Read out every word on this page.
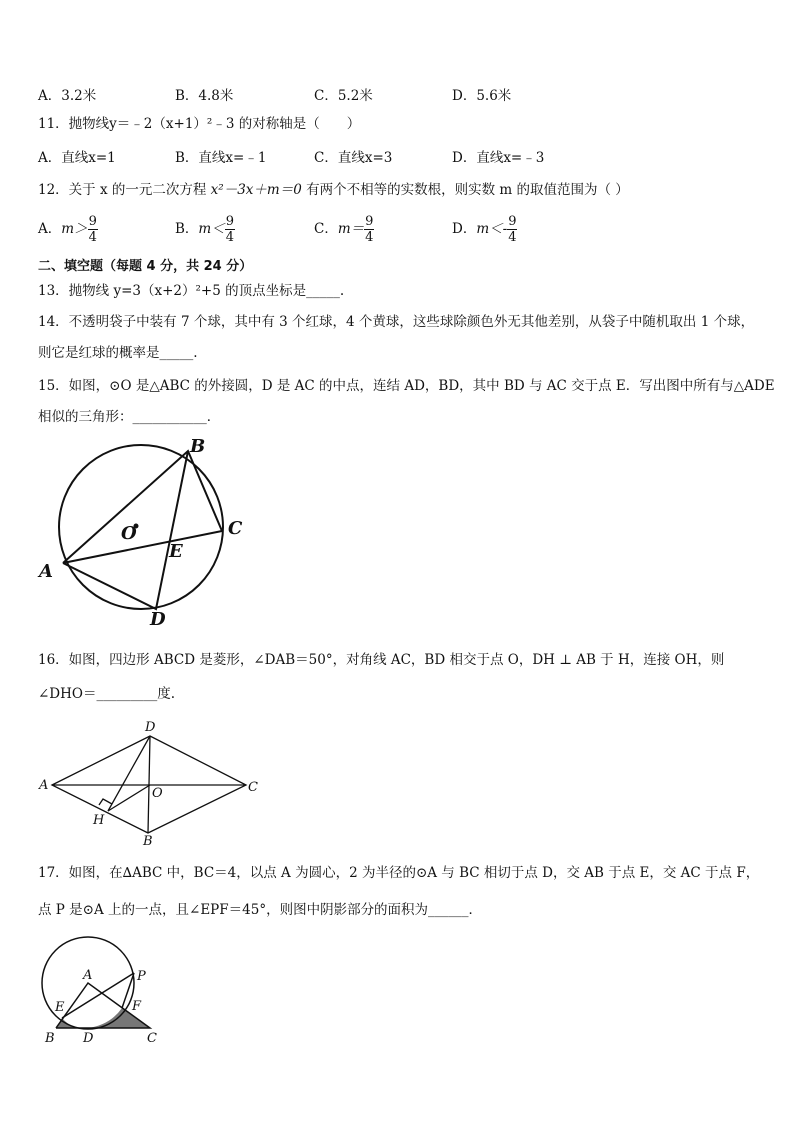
A．3.2米	B．4.8米	C．5.2米	D．5.6米
11．抛物线y＝﹣2（x+1）²﹣3 的对称轴是（　　）
A．直线x=1	B．直线x=﹣1	C．直线x=3	D．直线x=﹣3
12．关于 x 的一元二次方程 x²－3x＋m＝0 有两个不相等的实数根，则实数 m 的取值范围为（ ）
A．$m> \frac{9}{4}$	B．$m< \frac{9}{4}$	C．$m= \frac{9}{4}$	D．$m<- \frac{9}{4}$
二、填空题（每题 4 分，共 24 分）
13．抛物线 y=3（x+2）²+5 的顶点坐标是_____.
14．不透明袋子中装有 7 个球，其中有 3 个红球，4 个黄球，这些球除颜色外无其他差别，从袋子中随机取出 1 个球，
则它是红球的概率是_____.
15．如图，⊙O 是△ABC 的外接圆，D 是 AC 的中点，连结 AD，BD，其中 BD 与 AC 交于点 E．写出图中所有与△ADE
相似的三角形：___________．
B
C
A
D
E
O
16．如图，四边形 ABCD 是菱形，∠DAB＝50°，对角线 AC，BD 相交于点 O，DH ⊥ AB 于 H，连接 OH，则
∠DHO＝_________度.
D
A	C
O
H
B
17．如图，在∆ABC 中，BC＝4，以点 A 为圆心，2 为半径的⊙A 与 BC 相切于点 D，交 AB 于点 E，交 AC 于点 F，
点 P 是⊙A 上的一点，且∠EPF＝45°，则图中阴影部分的面积为______．
A	P
E	F
B D	C
